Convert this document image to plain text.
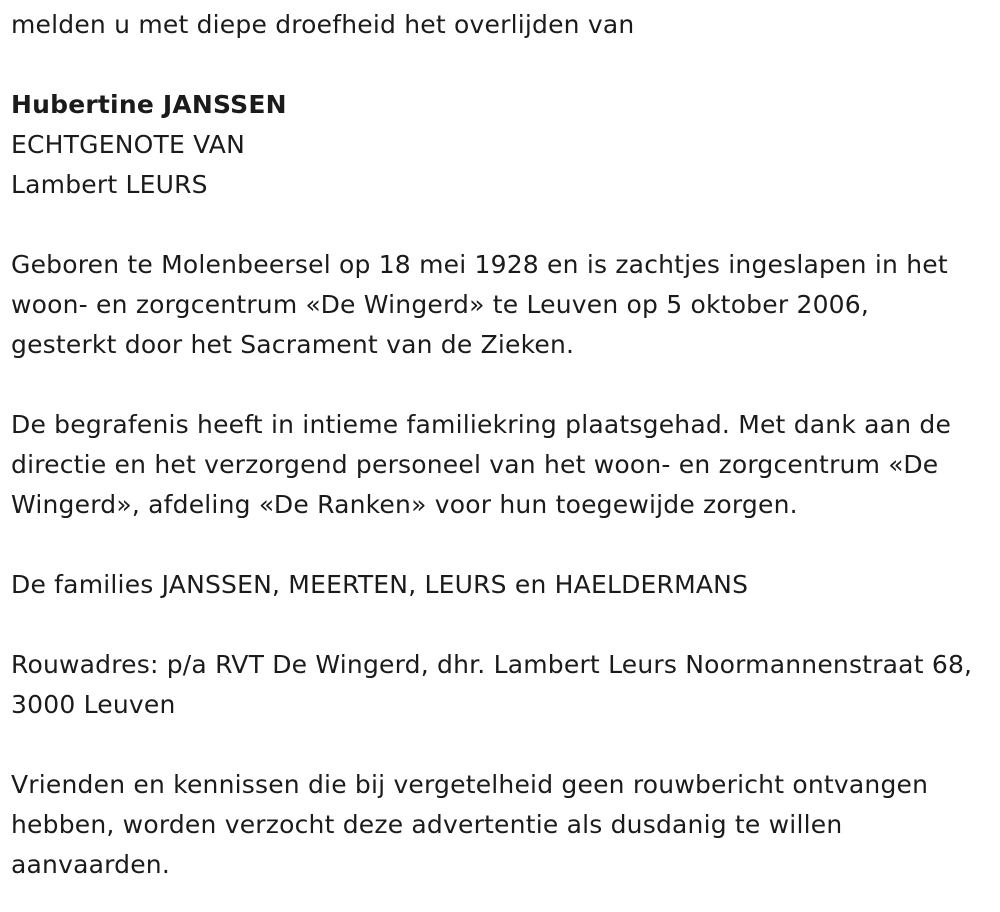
melden u met diepe droefheid het overlijden van

Hubertine JANSSEN

ECHTGENOTE VAN

Lambert LEURS

Geboren te Molenbeersel op 18 mei 1928 en is zachtjes ingeslapen in het woon- en zorgcentrum «De Wingerd» te Leuven op 5 oktober 2006, gesterkt door het Sacrament van de Zieken.

De begrafenis heeft in intieme familiekring plaatsgehad. Met dank aan de directie en het verzorgend personeel van het woon- en zorgcentrum «De Wingerd», afdeling «De Ranken» voor hun toegewijde zorgen.

De families JANSSEN, MEERTEN, LEURS en HAELDERMANS

Rouwadres: p/a RVT De Wingerd, dhr. Lambert Leurs Noormannenstraat 68, 3000 Leuven

Vrienden en kennissen die bij vergetelheid geen rouwbericht ontvangen hebben, worden verzocht deze advertentie als dusdanig te willen aanvaarden.
